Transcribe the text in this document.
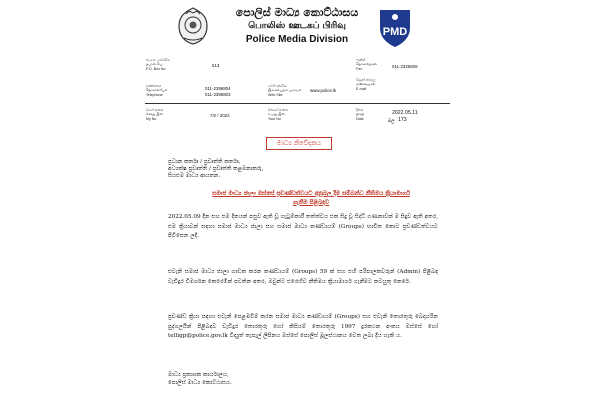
පොලිස් මාධ්‍ය කොට්ඨාසය
பொலிஸ் ஊடகப் பிரிவு
Police Media Division
PMD
පැ.පෙ. පෙට්ටිය
தபால் பெ.
P.O. Box No
513
දුරකතනය
தொலைபேசி
Telephone
011-2396804
011-2396803
මගේ අංකය
எனது இல.
My No
7/2 / 2022
වෙබ් අඩවිය
இணையதள முகவரி
Web Site
www.police.lk
ඔබගේ අංකය
உமது இல.
Your No
ෆැක්ස්
தொலைநகல்
Fax	011-2325509
විද්‍යුත් තැපෑල
மின்னஞ்சல்
E-mail
දිනය
திகதி
Date
2022.05.11
බල 173
මාධ්‍ය නිවේදනය
ප්‍රධාන කර්තෘ / ප්‍රවෘත්ති කර්තෘ,
අධ්‍යක්ෂ ප්‍රවෘත්ති / ප්‍රවෘත්ති කළමනාකරු,
සියළුම මාධ්‍ය ආයතන.
සමාජ මාධ්‍ය ජාලා ඔස්සේ ප්‍රචණ්ඩත්වයට අනුබල දීම සම්බන්ධ නීතිමය ක්‍රියාමාර්ග
ගැනීම පිළිබඳව
2022.05.09 දින සහ එම දිනයන් පසුව ඇති වූ ගැටුම්කාරී තත්ත්වය එක සිදු වූ සිද්ධි ගණනාවක් ම සිදුව ඇති අතර, එම ක්‍රියාවන් සඳහා සමාජ මාධ්‍ය ජාලා සහ සමාජ මාධ්‍ය කණ්ඩායම් (Groups) භාවිත කොට ප්‍රචණ්ඩත්වයට පිවිසෙන ලදී.
එවැනි සමාජ මාධ්‍ය ජාලා ගාඩක කරන කණ්ඩායම් (Groups) 59 ක් සහ එහි පරිපාලකවරුන් (Admin) පිළිබඳ වැඩිදුර විමර්ශන කෙරෙමින් පවතින අතර, ඔවුන්ට එරෙහිව නීතිමය ක්‍රියාමාර්ග ගැනීමට කටයුතු කෙරේ.
ප්‍රචණ්ඩ ක්‍රියා සඳහා එවැනි පෙළඹවීම් කරන සමාජ මාධ්‍ය කණ්ඩායම් (Groups) සහ එවැනි තොරතුරු බෙදාහරින පුද්ගලයින් පිළිබඳව වැඩිදුර තොරතුරු හෝ කිසියම් තොරතුරු 1997 දුරකථන අංකය ඔස්සේ හෝ telligp@police.gov.lk විද්‍යුත් තැපැල් ලිපිනය ඔස්සේ පොලිස් මූලස්ථානය වෙත ලබා දිය හැකි ය.
මාධ්‍ය ප්‍රකාශක කාර්යාලය,
පොලිස් මාධ්‍ය කොට්ඨාසය.
